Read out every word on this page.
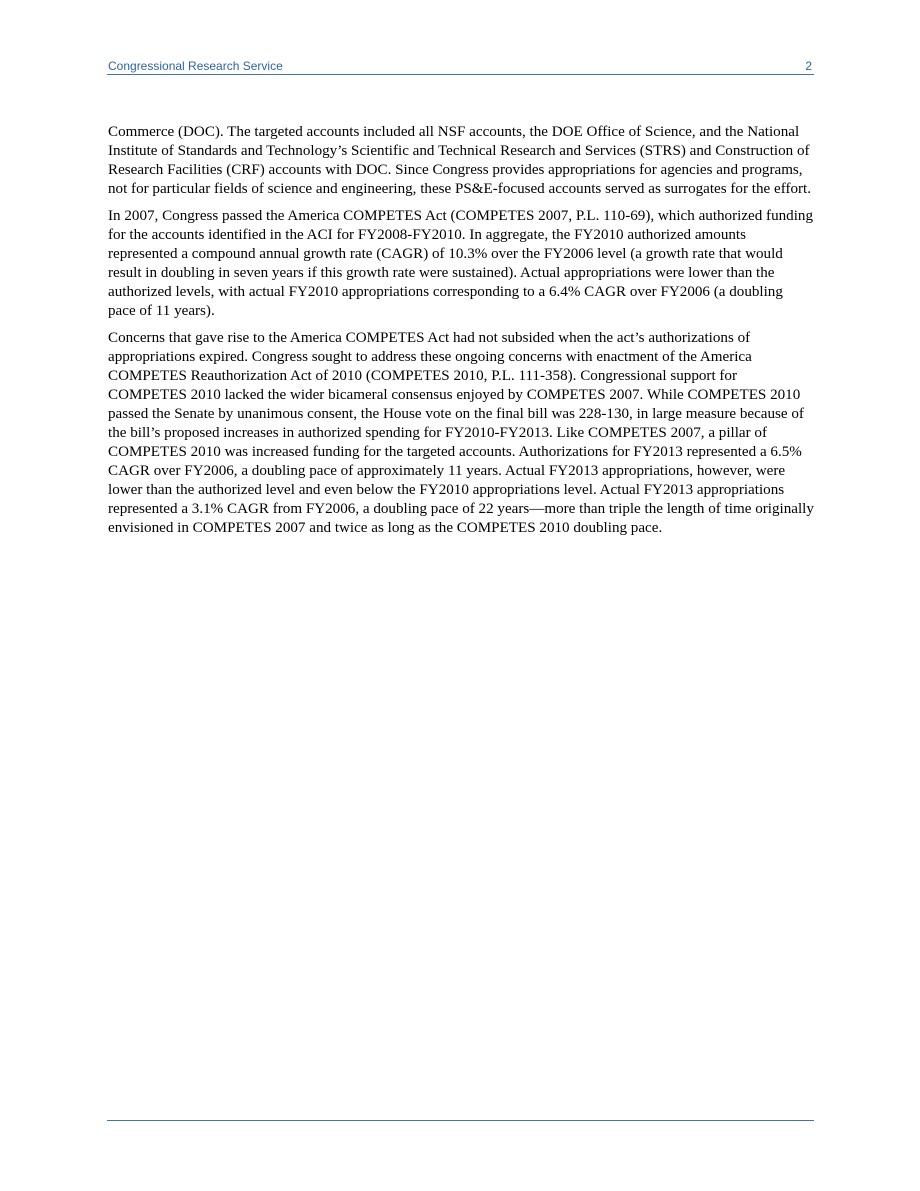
Congressional Research Service	2

Commerce (DOC). The targeted accounts included all NSF accounts, the DOE Office of Science, and the National Institute of Standards and Technology’s Scientific and Technical Research and Services (STRS) and Construction of Research Facilities (CRF) accounts with DOC. Since Congress provides appropriations for agencies and programs, not for particular fields of science and engineering, these PS&E-focused accounts served as surrogates for the effort.

In 2007, Congress passed the America COMPETES Act (COMPETES 2007, P.L. 110-69), which authorized funding for the accounts identified in the ACI for FY2008-FY2010. In aggregate, the FY2010 authorized amounts represented a compound annual growth rate (CAGR) of 10.3% over the FY2006 level (a growth rate that would result in doubling in seven years if this growth rate were sustained). Actual appropriations were lower than the authorized levels, with actual FY2010 appropriations corresponding to a 6.4% CAGR over FY2006 (a doubling pace of 11 years).

Concerns that gave rise to the America COMPETES Act had not subsided when the act’s authorizations of appropriations expired. Congress sought to address these ongoing concerns with enactment of the America COMPETES Reauthorization Act of 2010 (COMPETES 2010, P.L. 111-358). Congressional support for COMPETES 2010 lacked the wider bicameral consensus enjoyed by COMPETES 2007. While COMPETES 2010 passed the Senate by unanimous consent, the House vote on the final bill was 228-130, in large measure because of the bill’s proposed increases in authorized spending for FY2010-FY2013. Like COMPETES 2007, a pillar of COMPETES 2010 was increased funding for the targeted accounts. Authorizations for FY2013 represented a 6.5% CAGR over FY2006, a doubling pace of approximately 11 years. Actual FY2013 appropriations, however, were lower than the authorized level and even below the FY2010 appropriations level. Actual FY2013 appropriations represented a 3.1% CAGR from FY2006, a doubling pace of 22 years—more than triple the length of time originally envisioned in COMPETES 2007 and twice as long as the COMPETES 2010 doubling pace.
